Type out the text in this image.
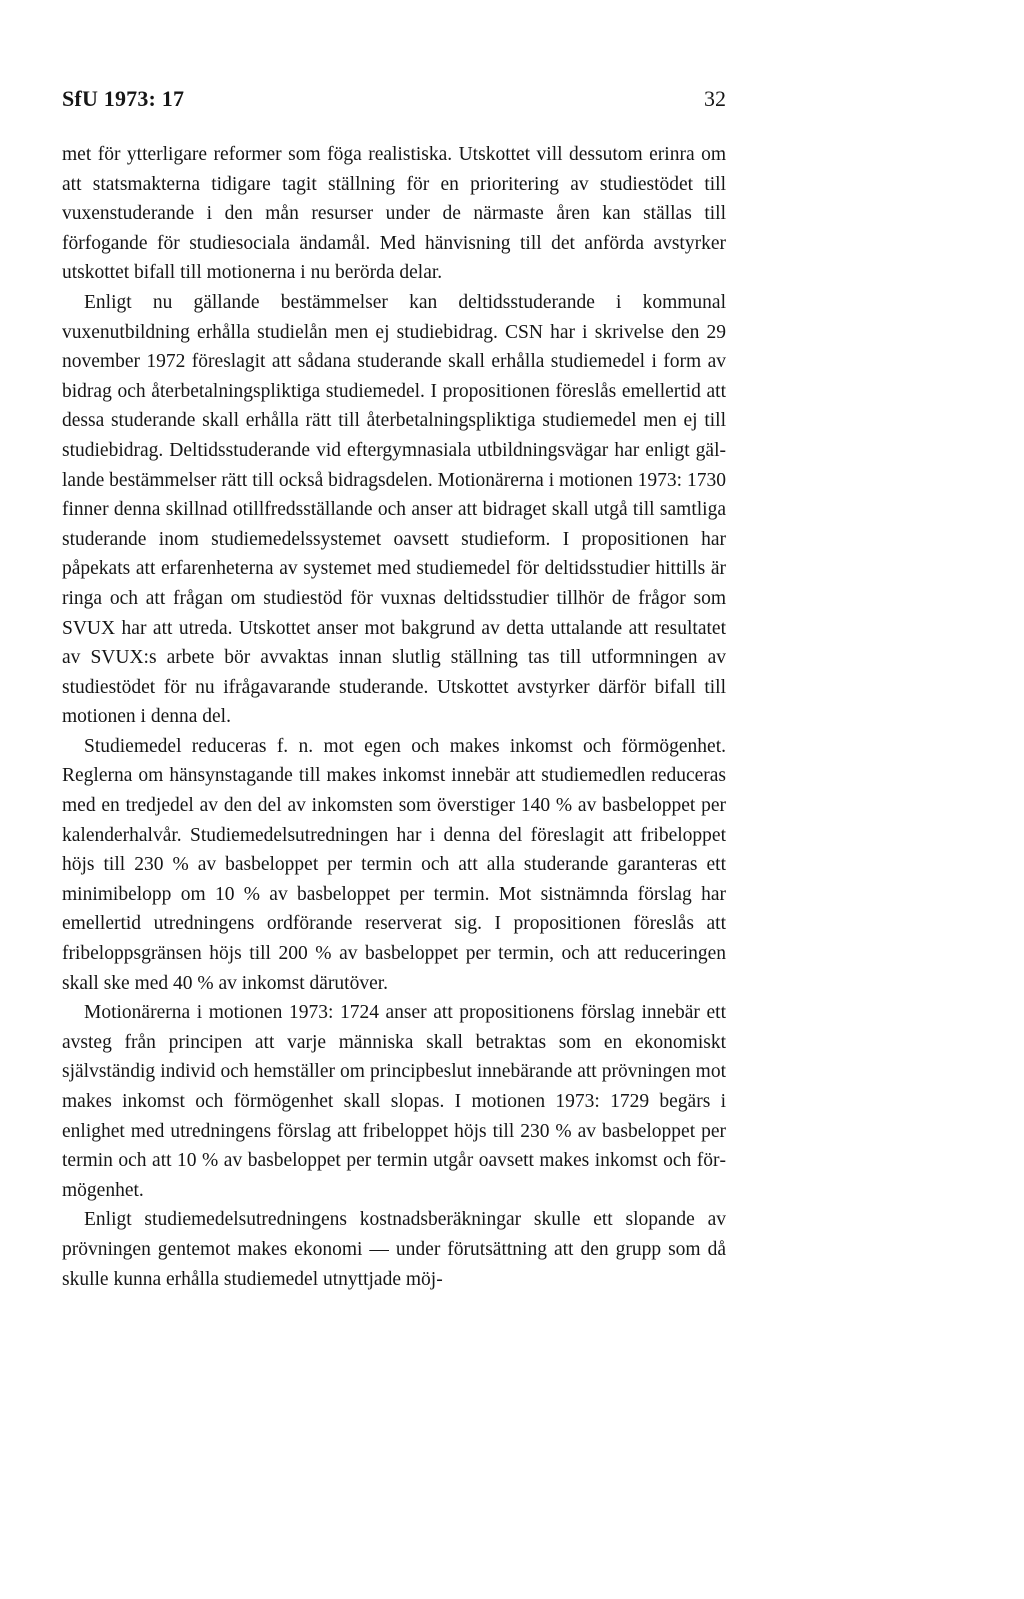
SfU 1973: 17	32

met för ytterligare reformer som föga realistiska. Utskottet vill dessutom erinra om att statsmakterna tidigare tagit ställning för en prioritering av studiestödet till vuxenstuderande i den mån resurser under de närmaste åren kan ställas till förfogande för studiesociala ändamål. Med hänvisning till det anförda avstyrker utskottet bifall till motionerna i nu berörda delar.

Enligt nu gällande bestämmelser kan deltidsstuderande i kommunal vuxenutbildning erhålla studielån men ej studiebidrag. CSN har i skrivelse den 29 november 1972 föreslagit att sådana studerande skall erhålla studiemedel i form av bidrag och återbetalningspliktiga studiemedel. I propositionen föreslås emellertid att dessa studerande skall erhålla rätt till återbetalningspliktiga studiemedel men ej till studiebidrag. Deltidsstuderande vid eftergymnasiala utbildningsvägar har enligt gällande bestämmelser rätt till också bidragsdelen. Motionärerna i motionen 1973: 1730 finner denna skillnad otillfredsställande och anser att bidraget skall utgå till samtliga studerande inom studiemedelssystemet oavsett studieform. I propositionen har påpekats att erfarenheterna av systemet med studiemedel för deltidsstudier hittills är ringa och att frågan om studiestöd för vuxnas deltidsstudier tillhör de frågor som SVUX har att utreda. Utskottet anser mot bakgrund av detta uttalande att resultatet av SVUX:s arbete bör avvaktas innan slutlig ställning tas till utformningen av studiestödet för nu ifrågavarande studerande. Utskottet avstyrker därför bifall till motionen i denna del.

Studiemedel reduceras f. n. mot egen och makes inkomst och förmögenhet. Reglerna om hänsynstagande till makes inkomst innebär att studiemedlen reduceras med en tredjedel av den del av inkomsten som överstiger 140 % av basbeloppet per kalenderhalvår. Studiemedelsutredningen har i denna del föreslagit att fribeloppet höjs till 230 % av basbeloppet per termin och att alla studerande garanteras ett minimibelopp om 10 % av basbeloppet per termin. Mot sistnämnda förslag har emellertid utredningens ordförande reserverat sig. I propositionen föreslås att fribeloppsgränsen höjs till 200 % av basbeloppet per termin, och att reduceringen skall ske med 40 % av inkomst därutöver.

Motionärerna i motionen 1973: 1724 anser att propositionens förslag innebär ett avsteg från principen att varje människa skall betraktas som en ekonomiskt självständig individ och hemställer om principbeslut innebärande att prövningen mot makes inkomst och förmögenhet skall slopas. I motionen 1973: 1729 begärs i enlighet med utredningens förslag att fribeloppet höjs till 230 % av basbeloppet per termin och att 10 % av basbeloppet per termin utgår oavsett makes inkomst och förmögenhet.

Enligt studiemedelsutredningens kostnadsberäkningar skulle ett slopande av prövningen gentemot makes ekonomi — under förutsättning att den grupp som då skulle kunna erhålla studiemedel utnyttjade möj-
